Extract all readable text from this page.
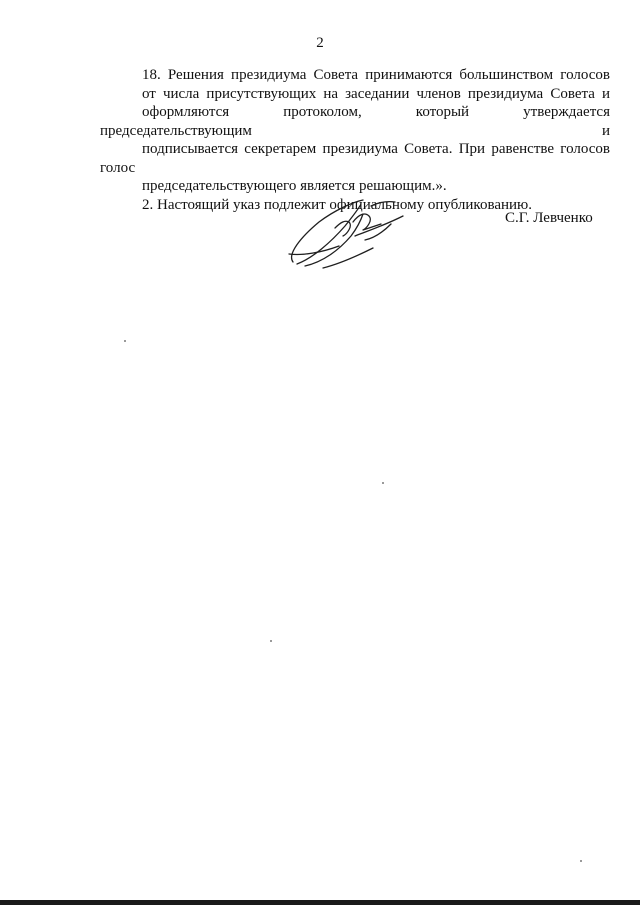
2

18. Решения президиума Совета принимаются большинством голосов
от числа присутствующих на заседании членов президиума Совета и
оформляются протоколом, который утверждается председательствующим и
подписывается секретарем президиума Совета. При равенстве голосов голос
председательствующего является решающим.».

2. Настоящий указ подлежит официальному опубликованию.

С.Г. Левченко
